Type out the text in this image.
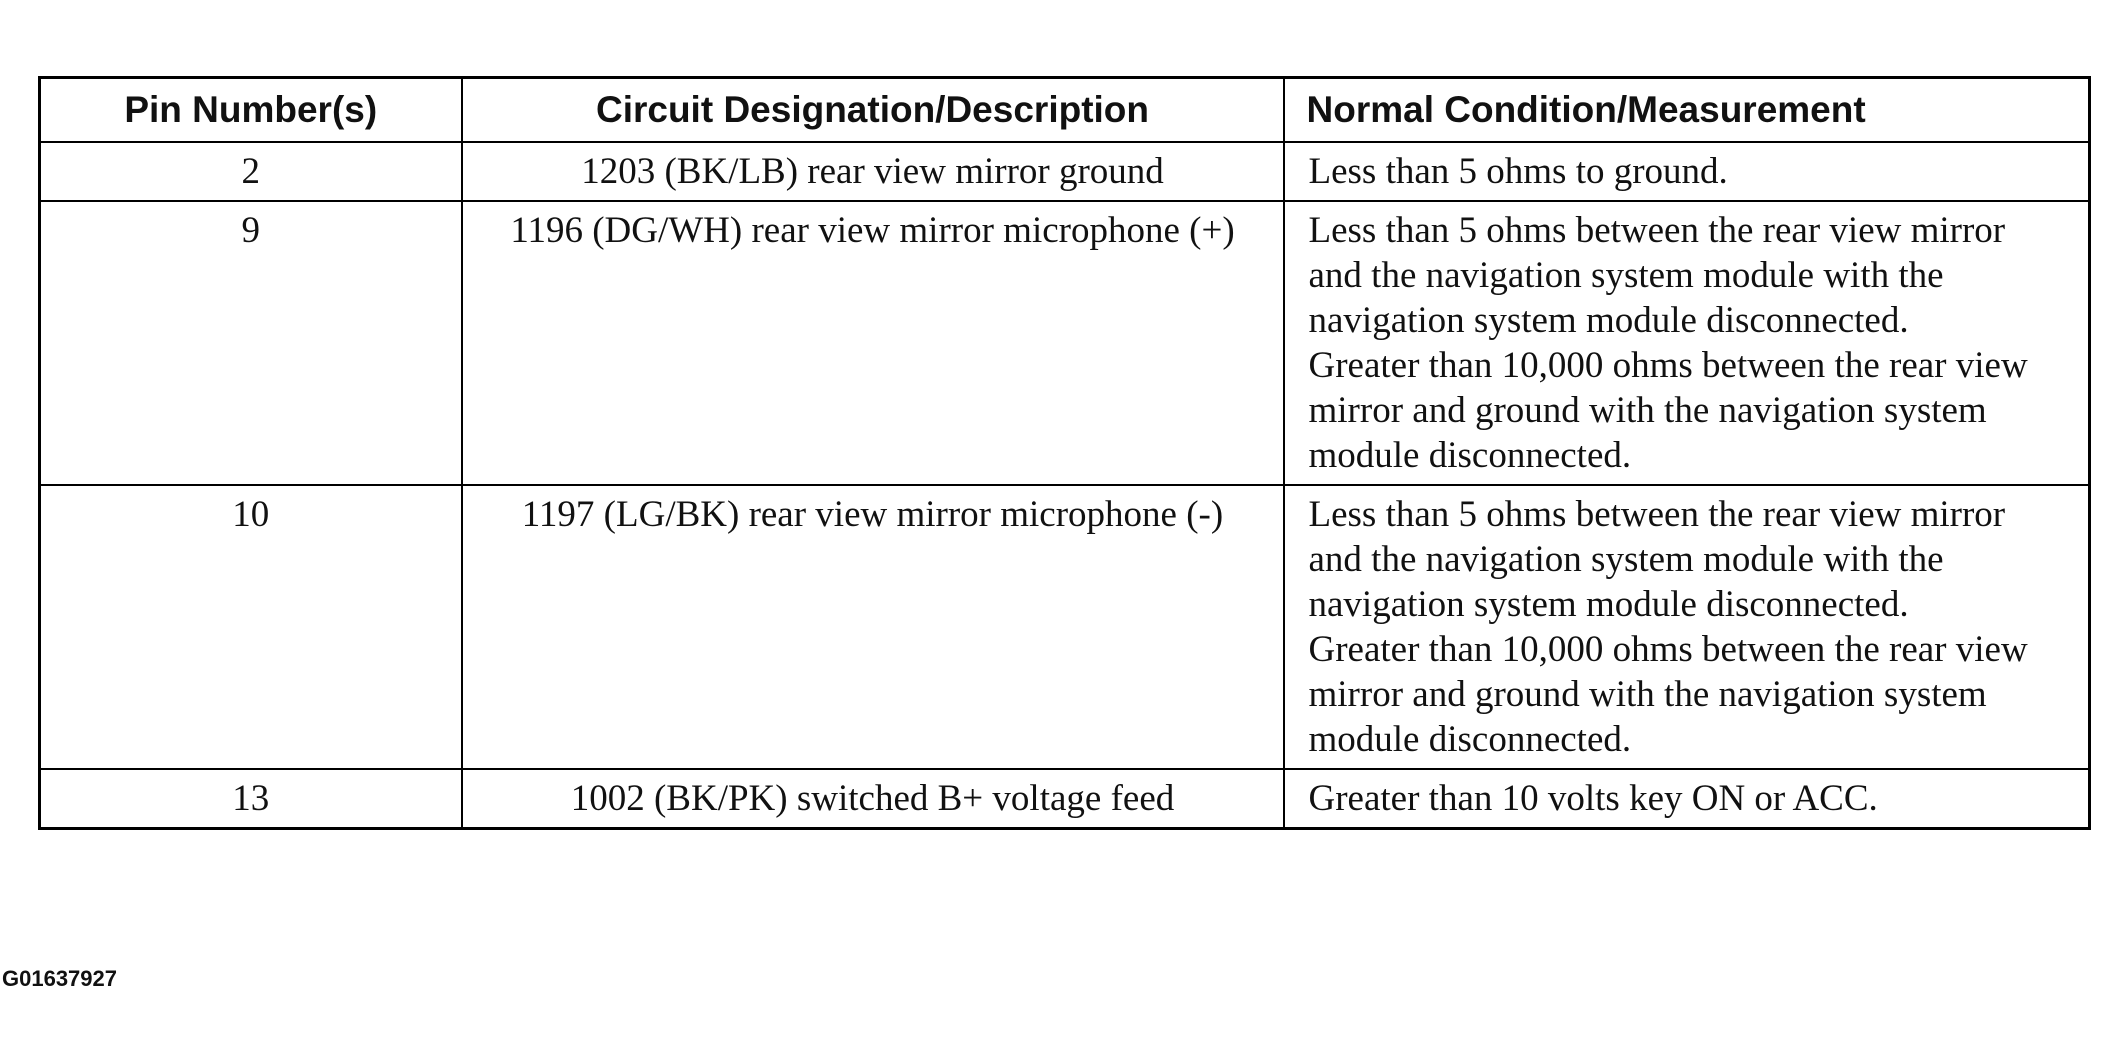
Pin Number(s)	Circuit Designation/Description	Normal Condition/Measurement
2	1203 (BK/LB) rear view mirror ground	Less than 5 ohms to ground.
9	1196 (DG/WH) rear view mirror microphone (+)	Less than 5 ohms between the rear view mirror and the navigation system module with the navigation system module disconnected. Greater than 10,000 ohms between the rear view mirror and ground with the navigation system module disconnected.
10	1197 (LG/BK) rear view mirror microphone (-)	Less than 5 ohms between the rear view mirror and the navigation system module with the navigation system module disconnected. Greater than 10,000 ohms between the rear view mirror and ground with the navigation system module disconnected.
13	1002 (BK/PK) switched B+ voltage feed	Greater than 10 volts key ON or ACC.
G01637927
